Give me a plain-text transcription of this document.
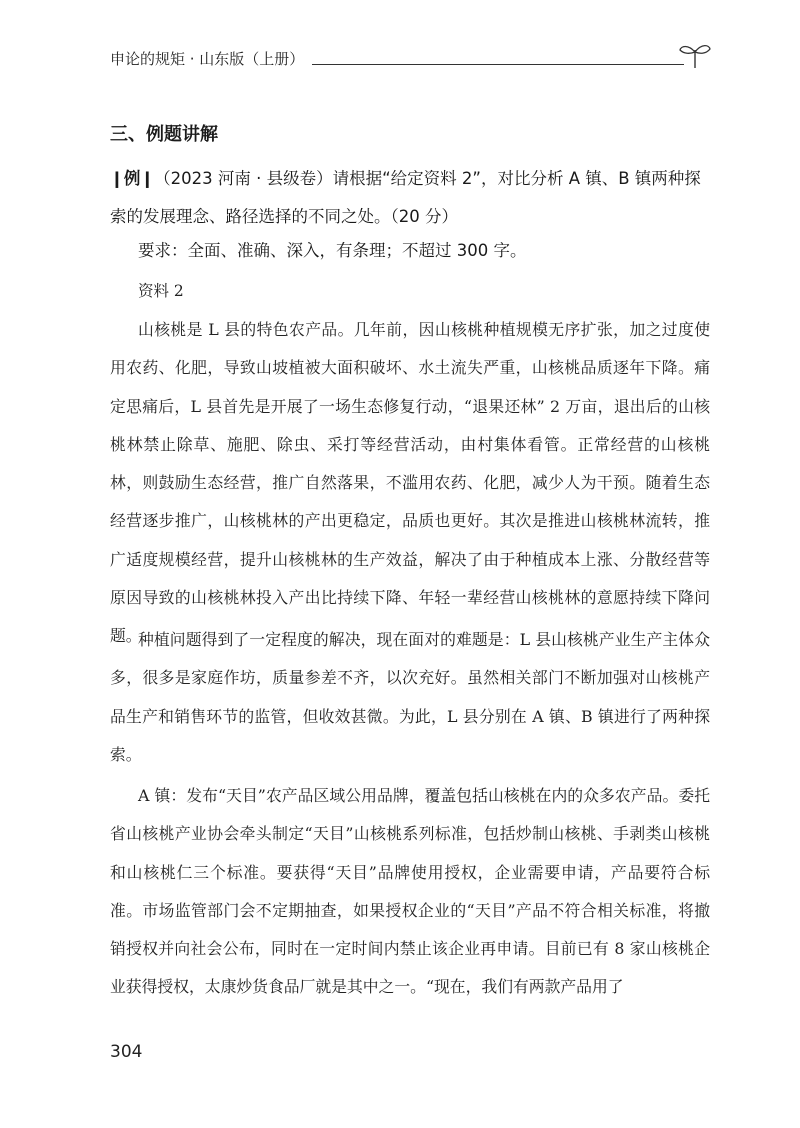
申论的规矩 · 山东版（上册）
三、例题讲解
❙例❙（2023 河南 · 县级卷）请根据“给定资料 2”，对比分析 A 镇、B 镇两种探索的发展理念、路径选择的不同之处。（20 分）
要求：全面、准确、深入，有条理；不超过 300 字。
资料 2

山核桃是 L 县的特色农产品。几年前，因山核桃种植规模无序扩张，加之过度使用农药、化肥，导致山坡植被大面积破坏、水土流失严重，山核桃品质逐年下降。痛定思痛后，L 县首先是开展了一场生态修复行动，“退果还林” 2 万亩，退出后的山核桃林禁止除草、施肥、除虫、采打等经营活动，由村集体看管。正常经营的山核桃林，则鼓励生态经营，推广自然落果，不滥用农药、化肥，减少人为干预。随着生态经营逐步推广，山核桃林的产出更稳定，品质也更好。其次是推进山核桃林流转，推广适度规模经营，提升山核桃林的生产效益，解决了由于种植成本上涨、分散经营等原因导致的山核桃林投入产出比持续下降、年轻一辈经营山核桃林的意愿持续下降问题。

种植问题得到了一定程度的解决，现在面对的难题是：L 县山核桃产业生产主体众多，很多是家庭作坊，质量参差不齐，以次充好。虽然相关部门不断加强对山核桃产品生产和销售环节的监管，但收效甚微。为此，L 县分别在 A 镇、B 镇进行了两种探索。

A 镇：发布“天目”农产品区域公用品牌，覆盖包括山核桃在内的众多农产品。委托省山核桃产业协会牵头制定“天目”山核桃系列标准，包括炒制山核桃、手剥类山核桃和山核桃仁三个标准。要获得“天目”品牌使用授权，企业需要申请，产品要符合标准。市场监管部门会不定期抽查，如果授权企业的“天目”产品不符合相关标准，将撤销授权并向社会公布，同时在一定时间内禁止该企业再申请。目前已有 8 家山核桃企业获得授权，太康炒货食品厂就是其中之一。“现在，我们有两款产品用了

304
